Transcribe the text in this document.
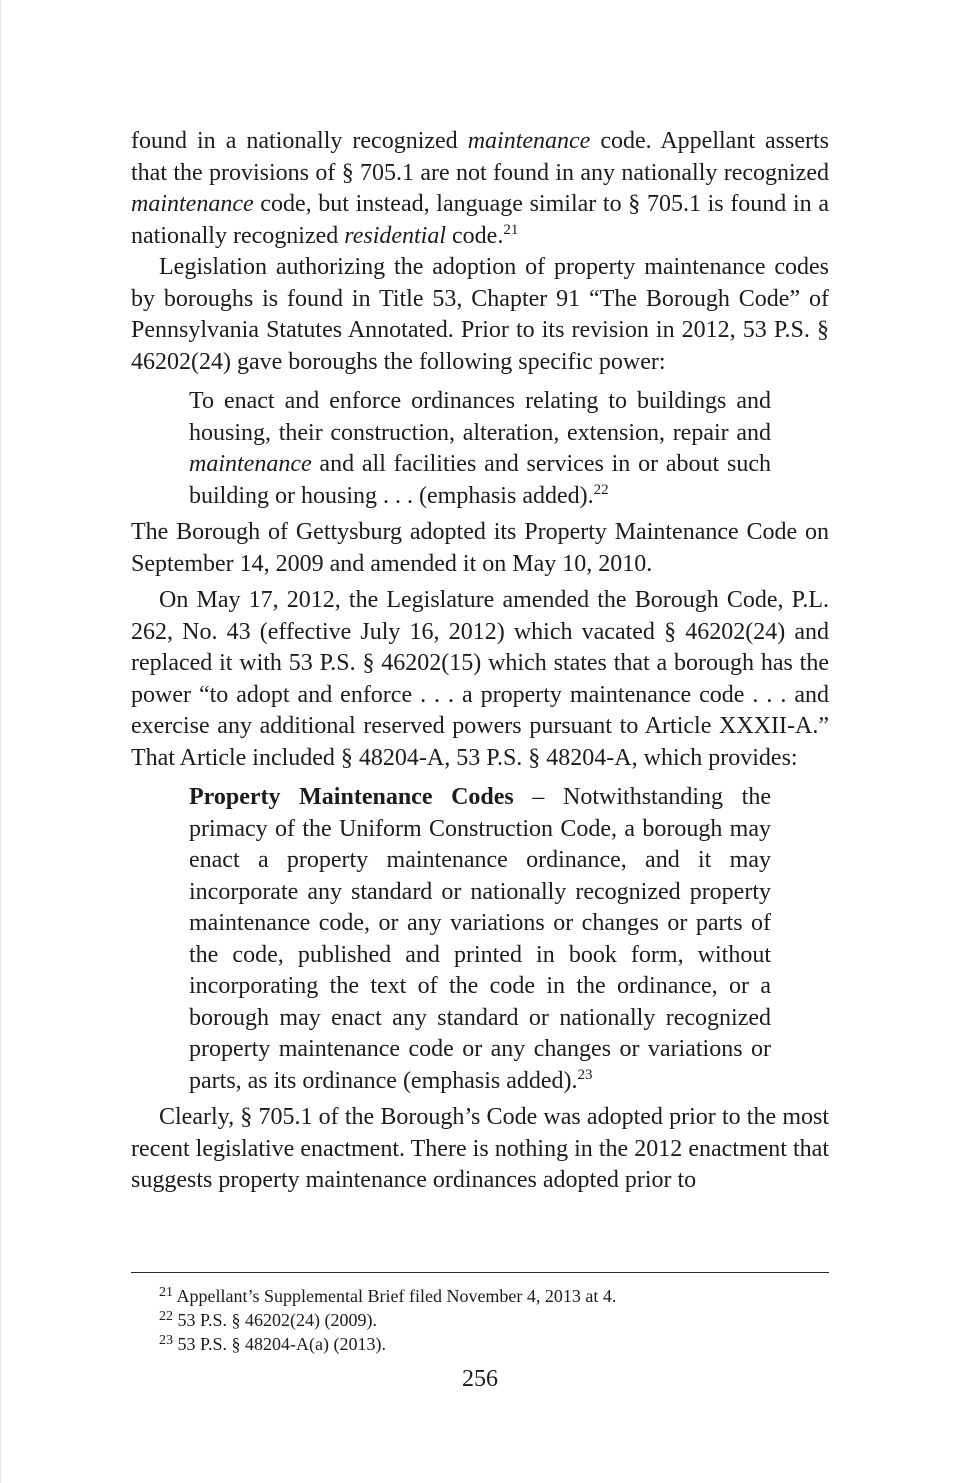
found in a nationally recognized maintenance code. Appellant asserts that the provisions of § 705.1 are not found in any nationally recognized maintenance code, but instead, language similar to § 705.1 is found in a nationally recognized residential code.$^{21}$

Legislation authorizing the adoption of property maintenance codes by boroughs is found in Title 53, Chapter 91 “The Borough Code” of Pennsylvania Statutes Annotated. Prior to its revision in 2012, 53 P.S. § 46202(24) gave boroughs the following specific power:

To enact and enforce ordinances relating to buildings and housing, their construction, alteration, extension, repair and maintenance and all facilities and services in or about such building or housing . . . (emphasis added).$^{22}$

The Borough of Gettysburg adopted its Property Maintenance Code on September 14, 2009 and amended it on May 10, 2010.

On May 17, 2012, the Legislature amended the Borough Code, P.L. 262, No. 43 (effective July 16, 2012) which vacated § 46202(24) and replaced it with 53 P.S. § 46202(15) which states that a borough has the power “to adopt and enforce . . . a property maintenance code . . . and exercise any additional reserved powers pursuant to Article XXXII-A.” That Article included § 48204-A, 53 P.S. § 48204-A, which provides:

Property Maintenance Codes – Notwithstanding the primacy of the Uniform Construction Code, a borough may enact a property maintenance ordinance, and it may incorporate any standard or nationally recognized property maintenance code, or any variations or changes or parts of the code, published and printed in book form, without incorporating the text of the code in the ordinance, or a borough may enact any standard or nationally recognized property maintenance code or any changes or variations or parts, as its ordinance (emphasis added).$^{23}$

Clearly, § 705.1 of the Borough’s Code was adopted prior to the most recent legislative enactment. There is nothing in the 2012 enactment that suggests property maintenance ordinances adopted prior to

$^{21}$ Appellant’s Supplemental Brief filed November 4, 2013 at 4.

$^{22}$ 53 P.S. § 46202(24) (2009).

$^{23}$ 53 P.S. § 48204-A(a) (2013).

256
